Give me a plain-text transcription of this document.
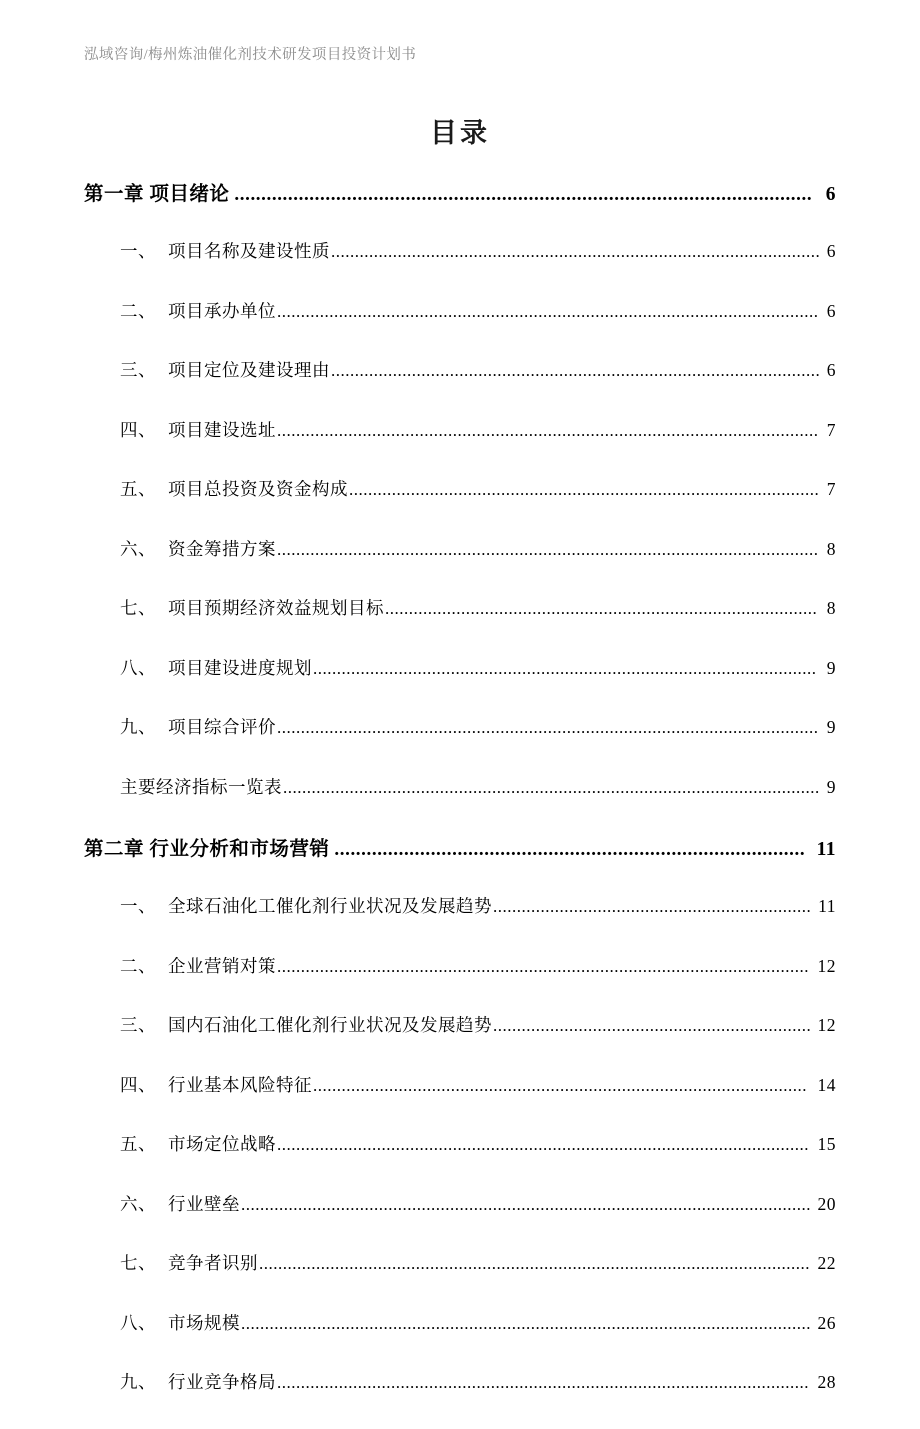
泓域咨询/梅州炼油催化剂技术研发项目投资计划书
目录
第一章 项目绪论 ............................................................................................................ 6
一、 项目名称及建设性质 ....................................................................................................... 6
二、 项目承办单位 .................................................................................................................. 6
三、 项目定位及建设理由 ....................................................................................................... 6
四、 项目建设选址 .................................................................................................................. 7
五、 项目总投资及资金构成 ................................................................................................... 7
六、 资金筹措方案 .................................................................................................................. 8
七、 项目预期经济效益规划目标 ........................................................................................... 8
八、 项目建设进度规划 .......................................................................................................... 9
九、 项目综合评价 .................................................................................................................. 9
主要经济指标一览表 ................................................................................................................. 9
第二章 行业分析和市场营销 ........................................................................................ 11
一、 全球石油化工催化剂行业状况及发展趋势 ................................................................... 11
二、 企业营销对策 ................................................................................................................ 12
三、 国内石油化工催化剂行业状况及发展趋势 ................................................................... 12
四、 行业基本风险特征 ........................................................................................................ 14
五、 市场定位战略 ................................................................................................................ 15
六、 行业壁垒 ........................................................................................................................ 20
七、 竞争者识别 .................................................................................................................... 22
八、 市场规模 ........................................................................................................................ 26
九、 行业竞争格局 ................................................................................................................ 28
